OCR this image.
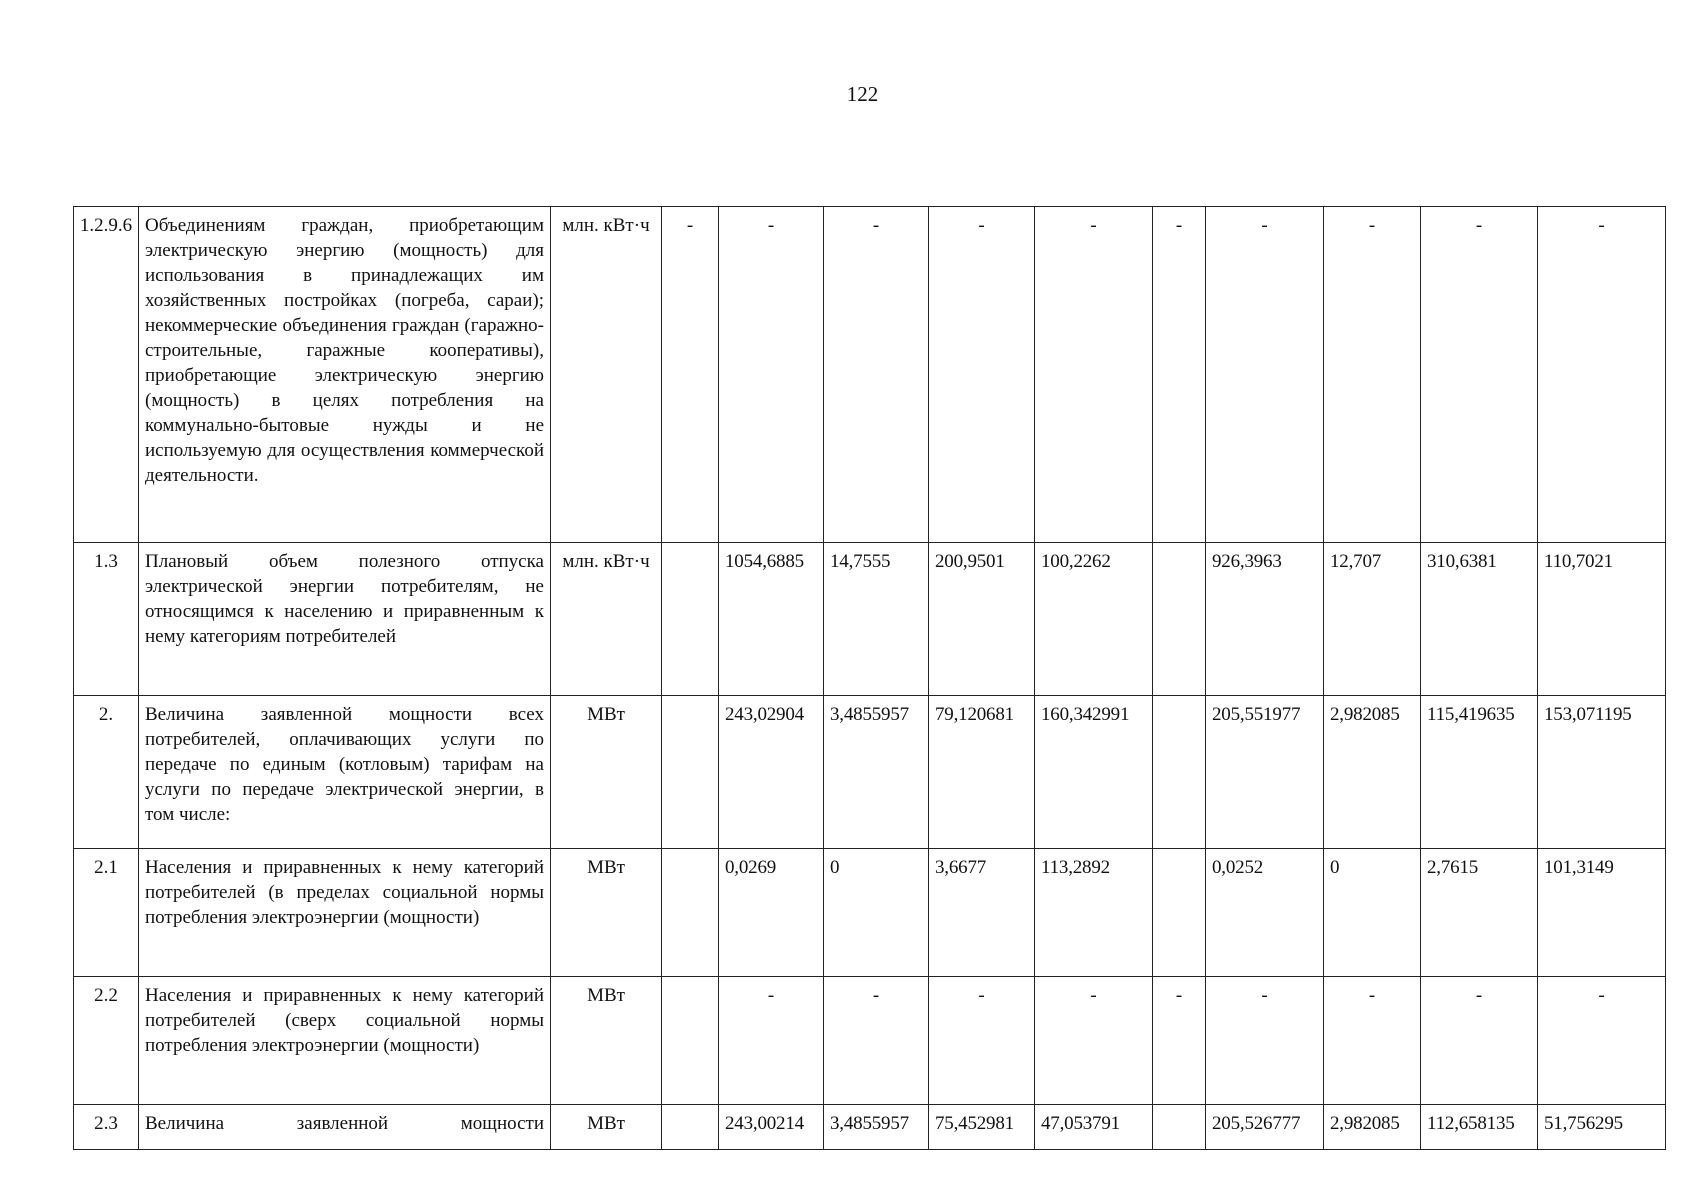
122
1.2.9.6	Объединениям граждан, приобретающим электрическую энергию (мощность) для использования в принадлежащих им хозяйственных постройках (погреба, сараи); некоммерческие объединения граждан (гаражно-строительные, гаражные кооперативы), приобретающие электрическую энергию (мощность) в целях потребления на коммунально-бытовые нужды и не используемую для осуществления коммерческой деятельности.	млн. кВт·ч	-	-	-	-	-	-	-	-	-	-
1.3	Плановый объем полезного отпуска электрической энергии потребителям, не относящимся к населению и приравненным к нему категориям потребителей	млн. кВт·ч		1054,6885	14,7555	200,9501	100,2262		926,3963	12,707	310,6381	110,7021
2.	Величина заявленной мощности всех потребителей, оплачивающих услуги по передаче по единым (котловым) тарифам на услуги по передаче электрической энергии, в том числе:	МВт		243,02904	3,4855957	79,120681	160,342991		205,551977	2,982085	115,419635	153,071195
2.1	Населения и приравненных к нему категорий потребителей (в пределах социальной нормы потребления электроэнергии (мощности)	МВт		0,0269	0	3,6677	113,2892		0,0252	0	2,7615	101,3149
2.2	Населения и приравненных к нему категорий потребителей (сверх социальной нормы потребления электроэнергии (мощности)	МВт		-	-	-	-	-	-	-	-	-
2.3	Величина заявленной мощности	МВт		243,00214	3,4855957	75,452981	47,053791		205,526777	2,982085	112,658135	51,756295
